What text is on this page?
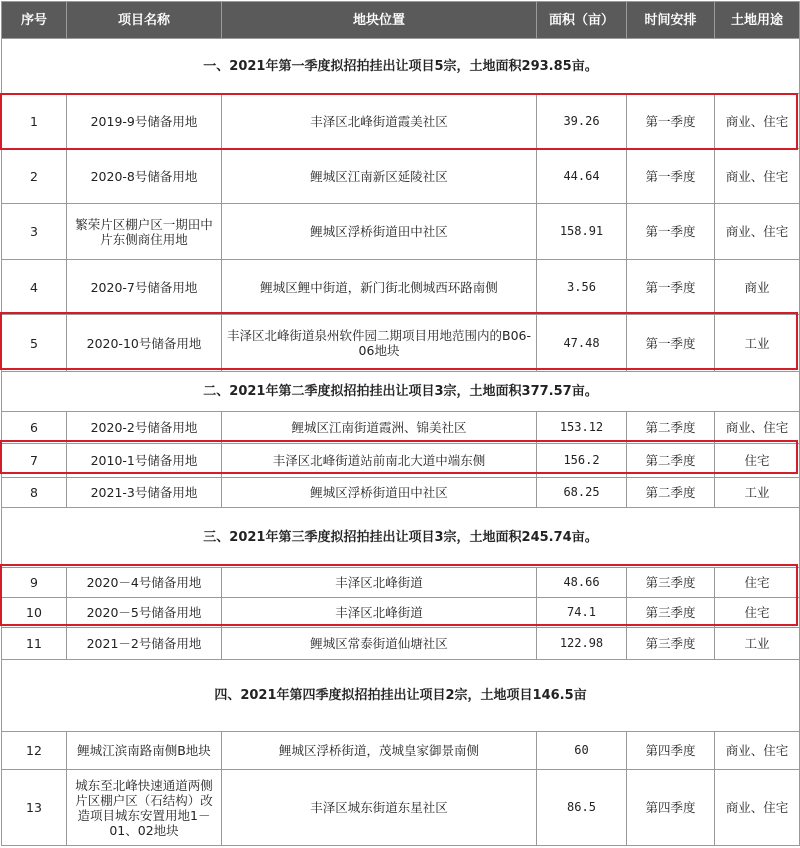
序号	项目名称	地块位置	面积（亩）	时间安排	土地用途
一、2021年第一季度拟招拍挂出让项目5宗，土地面积293.85亩。					
1	2019-9号储备用地	丰泽区北峰街道霞美社区	39.26	第一季度	商业、住宅
2	2020-8号储备用地	鲤城区江南新区延陵社区	44.64	第一季度	商业、住宅
3	繁荣片区棚户区一期田中片东侧商住用地	鲤城区浮桥街道田中社区	158.91	第一季度	商业、住宅
4	2020-7号储备用地	鲤城区鲤中街道，新门街北侧城西环路南侧	3.56	第一季度	商业
5	2020-10号储备用地	丰泽区北峰街道泉州软件园二期项目用地范围内的B06-06地块	47.48	第一季度	工业
二、2021年第二季度拟招拍挂出让项目3宗，土地面积377.57亩。					
6	2020-2号储备用地	鲤城区江南街道霞洲、锦美社区	153.12	第二季度	商业、住宅
7	2010-1号储备用地	丰泽区北峰街道站前南北大道中端东侧	156.2	第二季度	住宅
8	2021-3号储备用地	鲤城区浮桥街道田中社区	68.25	第二季度	工业
三、2021年第三季度拟招拍挂出让项目3宗，土地面积245.74亩。					
9	2020－4号储备用地	丰泽区北峰街道	48.66	第三季度	住宅
10	2020－5号储备用地	丰泽区北峰街道	74.1	第三季度	住宅
11	2021－2号储备用地	鲤城区常泰街道仙塘社区	122.98	第三季度	工业
四、2021年第四季度拟招拍挂出让项目2宗，土地项目146.5亩					
12	鲤城江滨南路南侧B地块	鲤城区浮桥街道，茂城皇家御景南侧	60	第四季度	商业、住宅
13	城东至北峰快速通道两侧片区棚户区（石结构）改造项目城东安置用地1－01、02地块	丰泽区城东街道东星社区	86.5	第四季度	商业、住宅
